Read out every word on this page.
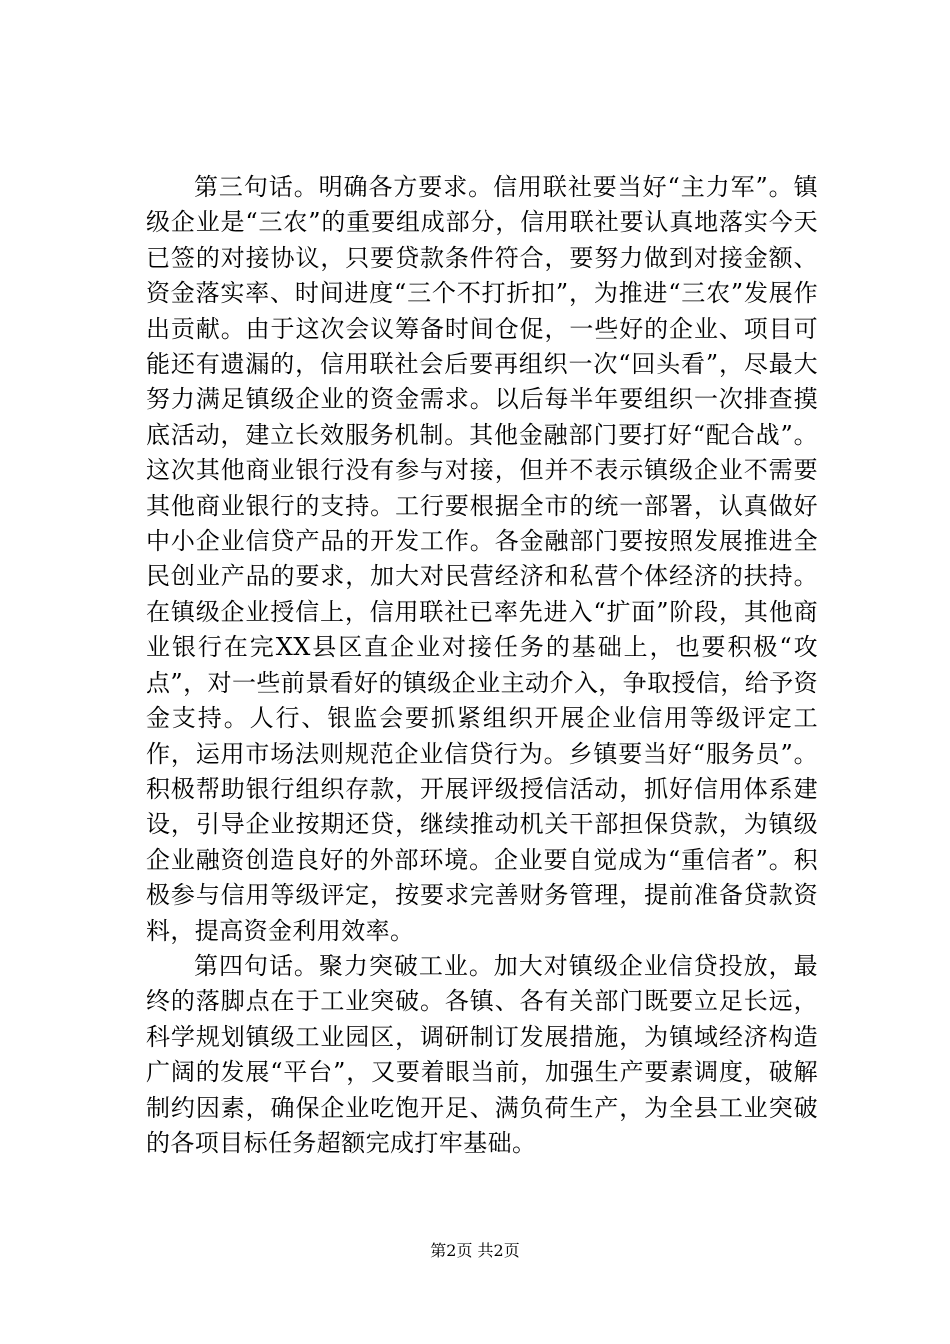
第三句话。明确各方要求。信用联社要当好“主力军”。镇级企业是“三农”的重要组成部分，信用联社要认真地落实今天已签的对接协议，只要贷款条件符合，要努力做到对接金额、资金落实率、时间进度“三个不打折扣”，为推进“三农”发展作出贡献。由于这次会议筹备时间仓促，一些好的企业、项目可能还有遗漏的，信用联社会后要再组织一次“回头看”，尽最大努力满足镇级企业的资金需求。以后每半年要组织一次排查摸底活动，建立长效服务机制。其他金融部门要打好“配合战”。这次其他商业银行没有参与对接，但并不表示镇级企业不需要其他商业银行的支持。工行要根据全市的统一部署，认真做好中小企业信贷产品的开发工作。各金融部门要按照发展推进全民创业产品的要求，加大对民营经济和私营个体经济的扶持。在镇级企业授信上，信用联社已率先进入“扩面”阶段，其他商业银行在完XX县区直企业对接任务的基础上，也要积极“攻点”，对一些前景看好的镇级企业主动介入，争取授信，给予资金支持。人行、银监会要抓紧组织开展企业信用等级评定工作，运用市场法则规范企业信贷行为。乡镇要当好“服务员”。积极帮助银行组织存款，开展评级授信活动，抓好信用体系建设，引导企业按期还贷，继续推动机关干部担保贷款，为镇级企业融资创造良好的外部环境。企业要自觉成为“重信者”。积极参与信用等级评定，按要求完善财务管理，提前准备贷款资料，提高资金利用效率。

第四句话。聚力突破工业。加大对镇级企业信贷投放，最终的落脚点在于工业突破。各镇、各有关部门既要立足长远，科学规划镇级工业园区，调研制订发展措施，为镇域经济构造广阔的发展“平台”，又要着眼当前，加强生产要素调度，破解制约因素，确保企业吃饱开足、满负荷生产，为全县工业突破的各项目标任务超额完成打牢基础。

第2页 共2页
